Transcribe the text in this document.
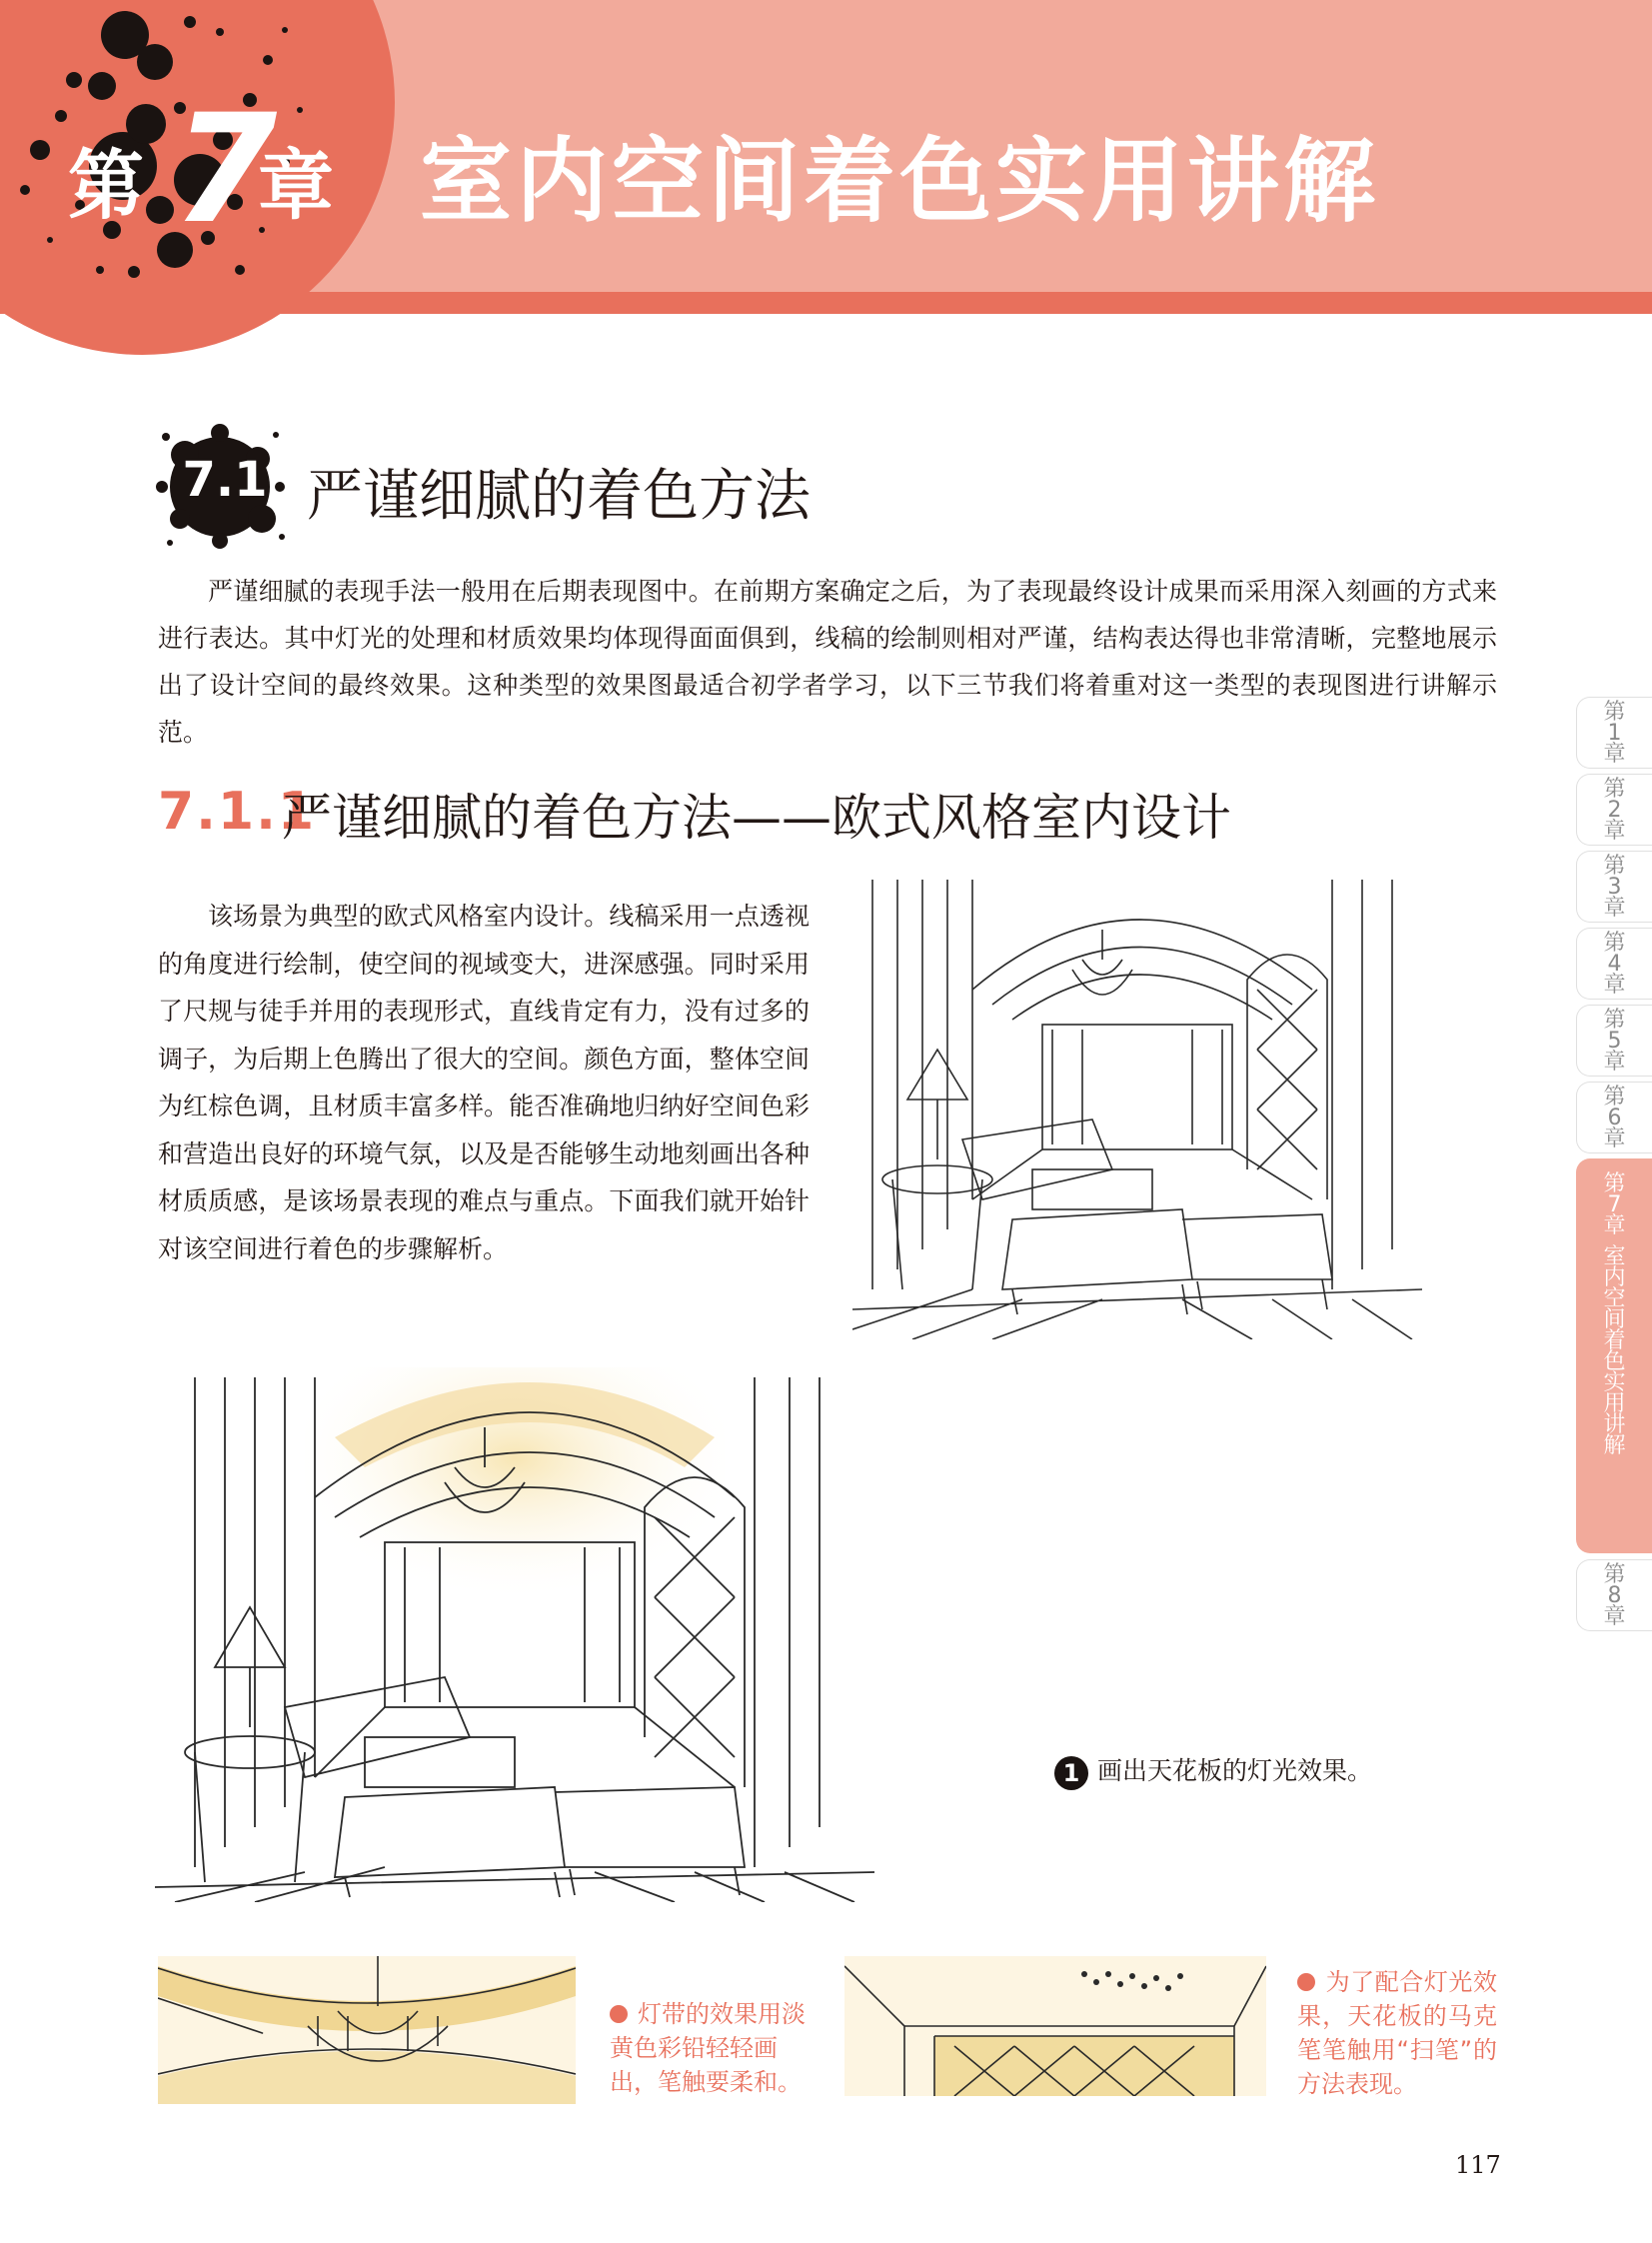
第 7
章 室内空间着色实用讲解
7.1 严谨细腻的着色方法

严谨细腻的表现手法一般用在后期表现图中。在前期方案确定之后，为了表现最终设计成果而采用深入刻画的方式来进行表达。其中灯光的处理和材质效果均体现得面面俱到，线稿的绘制则相对严谨，结构表达得也非常清晰，完整地展示出了设计空间的最终效果。这种类型的效果图最适合初学者学习，以下三节我们将着重对这一类型的表现图进行讲解示范。

7.1.1
严谨细腻的着色方法——欧式风格室内设计

该场景为典型的欧式风格室内设计。线稿采用一点透视的角度进行绘制，使空间的视域变大，进深感强。同时采用了尺规与徒手并用的表现形式，直线肯定有力，没有过多的调子，为后期上色腾出了很大的空间。颜色方面，整体空间为红棕色调，且材质丰富多样。能否准确地归纳好空间色彩和营造出良好的环境气氛，以及是否能够生动地刻画出各种材质质感，是该场景表现的难点与重点。下面我们就开始针对该空间进行着色的步骤解析。

1 画出天花板的灯光效果。

灯带的效果用淡黄色彩铅轻轻画出，笔触要柔和。

为了配合灯光效果，天花板的马克笔笔触用“扫笔”的方法表现。

117
第
1
章
第
2
章
第
3
章
第
4
章
第
5
章
第
6
章
第
7
章
室
内
空
间
着
色
实
用
讲
解
第
8
章
